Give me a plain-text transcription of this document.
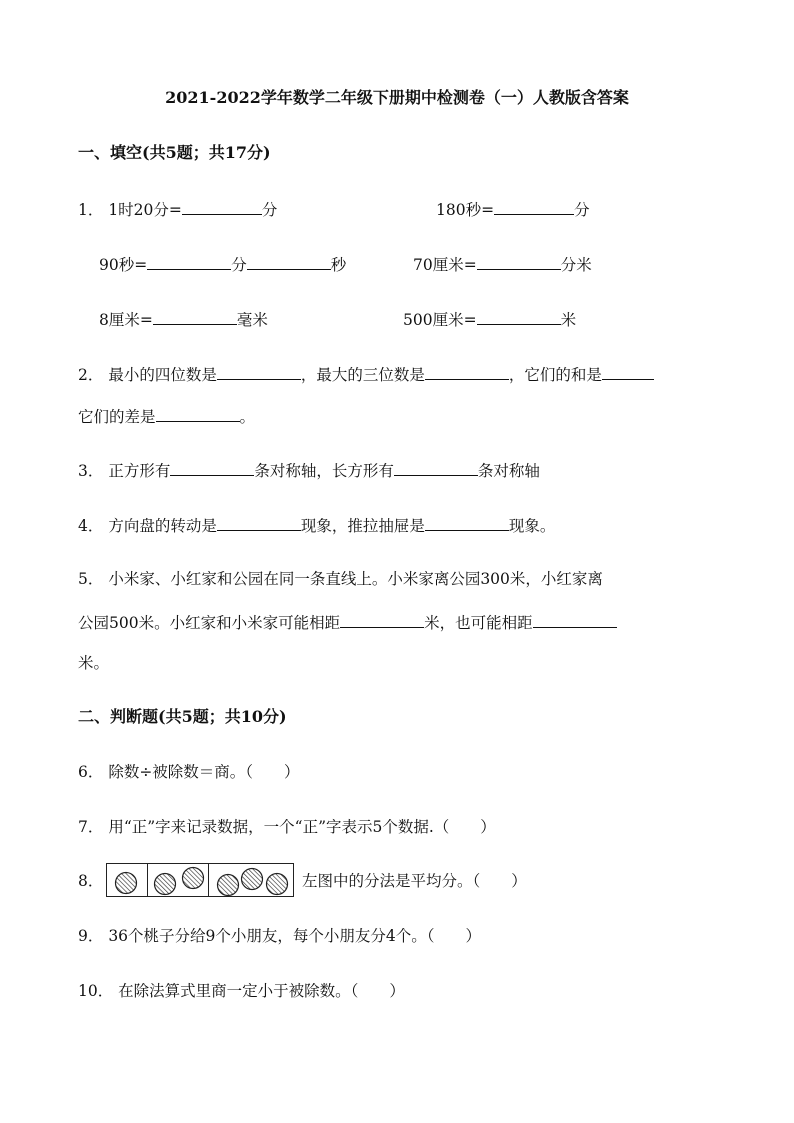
2021-2022学年数学二年级下册期中检测卷（一）人教版含答案
一、填空(共5题；共17分)
1． 1时20分=	分	180秒=	分
90秒=	分	秒	70厘米=	分米
8厘米=	毫米	500厘米=	米
2． 最小的四位数是	，最大的三位数是	，它们的和是
它们的差是	。
3． 正方形有	条对称轴，长方形有	条对称轴
4． 方向盘的转动是	现象，推拉抽屉是	现象。
5． 小米家、小红家和公园在同一条直线上。小米家离公园300米，小红家离
公园500米。小红家和小米家可能相距	米，也可能相距
米。
二、判断题(共5题；共10分)
6． 除数÷被除数＝商。（　　）
7． 用“正”字来记录数据，一个“正”字表示5个数据.（　　）
8．	左图中的分法是平均分。（　　）
9． 36个桃子分给9个小朋友，每个小朋友分4个。（　　）
10． 在除法算式里商一定小于被除数。（　　）
